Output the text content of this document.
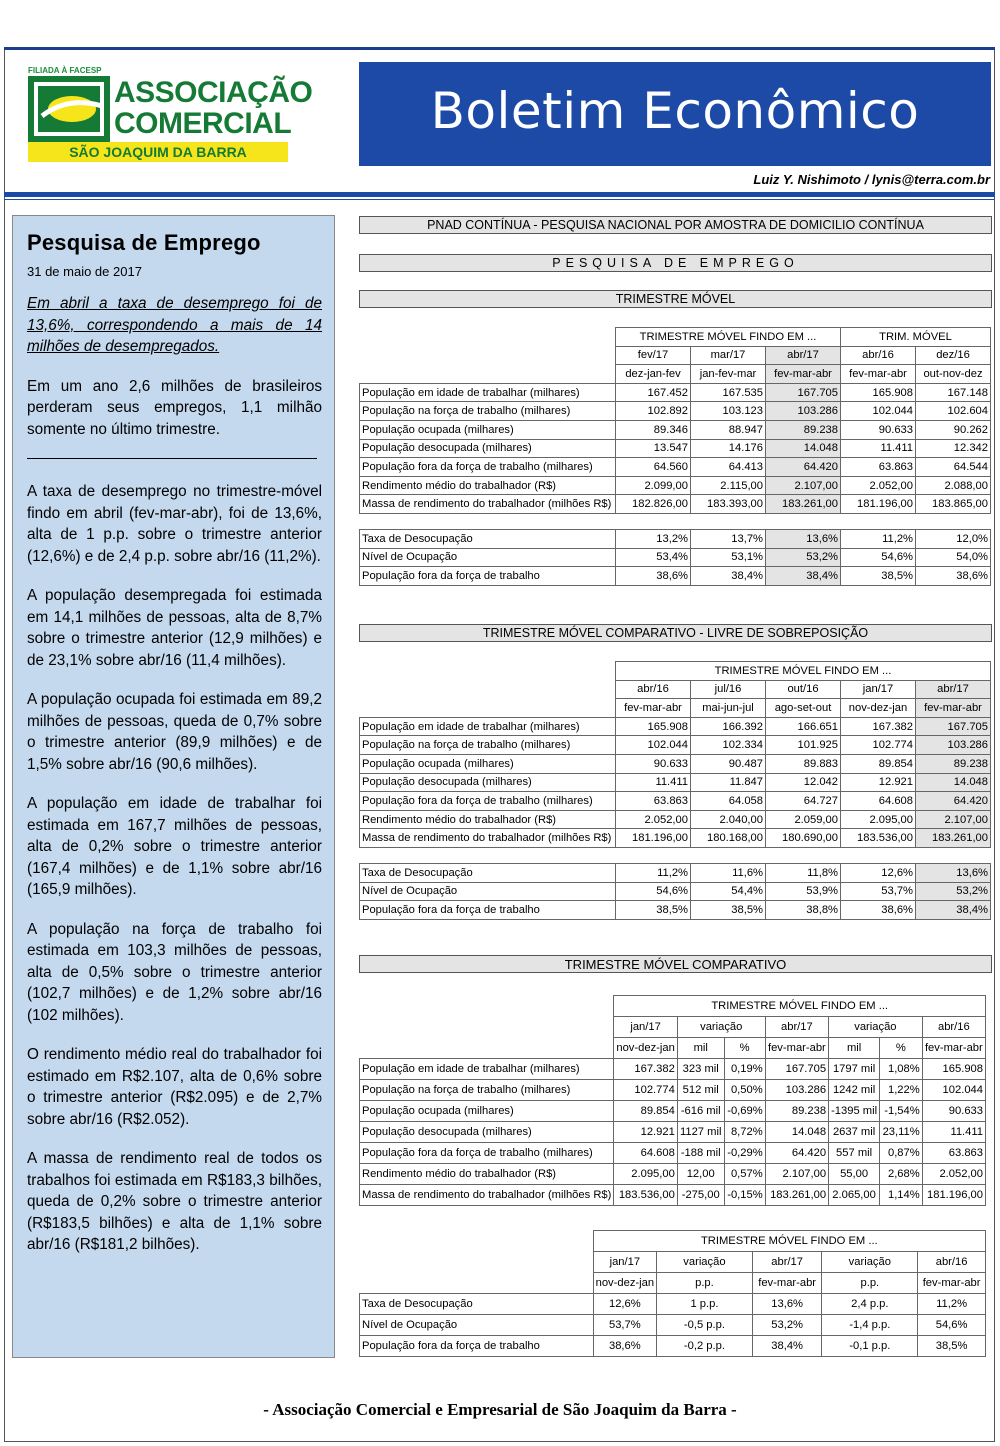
FILIADA À FACESP
ASSOCIAÇÃO
COMERCIAL
SÃO JOAQUIM DA BARRA
Boletim Econômico
Luiz Y. Nishimoto / lynis@terra.com.br
Pesquisa de Emprego
31 de maio de 2017

Em abril a taxa de desemprego foi de 13,6%, correspondendo a mais de 14 milhões de desempregados.

Em um ano 2,6 milhões de brasileiros perderam seus empregos, 1,1 milhão somente no último trimestre.

A taxa de desemprego no trimestre-móvel findo em abril (fev-mar-abr), foi de 13,6%, alta de 1 p.p. sobre o trimestre anterior (12,6%) e de 2,4 p.p. sobre abr/16 (11,2%).

A população desempregada foi estimada em 14,1 milhões de pessoas, alta de 8,7% sobre o trimestre anterior (12,9 milhões) e de 23,1% sobre abr/16 (11,4 milhões).

A população ocupada foi estimada em 89,2 milhões de pessoas, queda de 0,7% sobre o trimestre anterior (89,9 milhões) e de 1,5% sobre abr/16 (90,6 milhões).

A população em idade de trabalhar foi estimada em 167,7 milhões de pessoas, alta de 0,2% sobre o trimestre anterior (167,4 milhões) e de 1,1% sobre abr/16 (165,9 milhões).

A população na força de trabalho foi estimada em 103,3 milhões de pessoas, alta de 0,5% sobre o trimestre anterior (102,7 milhões) e de 1,2% sobre abr/16 (102 milhões).

O rendimento médio real do trabalhador foi estimado em R$2.107, alta de 0,6% sobre o trimestre anterior (R$2.095) e de 2,7% sobre abr/16 (R$2.052).

A massa de rendimento real de todos os trabalhos foi estimada em R$183,3 bilhões, queda de 0,2% sobre o trimestre anterior (R$183,5 bilhões) e alta de 1,1% sobre abr/16 (R$181,2 bilhões).

PNAD CONTÍNUA - PESQUISA NACIONAL POR AMOSTRA DE DOMICILIO CONTÍNUA
PESQUISA DE EMPREGO
TRIMESTRE MÓVEL
TRIMESTRE MÓVEL COMPARATIVO - LIVRE DE SOBREPOSIÇÃO
TRIMESTRE MÓVEL COMPARATIVO
	TRIMESTRE MÓVEL FINDO EM ...			TRIM. MÓVEL	
	fev/17	mar/17	abr/17	abr/16	dez/16
	dez-jan-fev	jan-fev-mar	fev-mar-abr	fev-mar-abr	out-nov-dez
População em idade de trabalhar (milhares)	167.452	167.535	167.705	165.908	167.148
População na força de trabalho (milhares)	102.892	103.123	103.286	102.044	102.604
População ocupada (milhares)	89.346	88.947	89.238	90.633	90.262
População desocupada (milhares)	13.547	14.176	14.048	11.411	12.342
População fora da força de trabalho (milhares)	64.560	64.413	64.420	63.863	64.544
Rendimento médio do trabalhador (R$)	2.099,00	2.115,00	2.107,00	2.052,00	2.088,00
Massa de rendimento do trabalhador (milhões R$)	182.826,00	183.393,00	183.261,00	181.196,00	183.865,00

Taxa de Desocupação	13,2%	13,7%	13,6%	11,2%	12,0%
Nível de Ocupação	53,4%	53,1%	53,2%	54,6%	54,0%
População fora da força de trabalho	38,6%	38,4%	38,4%	38,5%	38,6%
	TRIMESTRE MÓVEL FINDO EM ...				
	abr/16	jul/16	out/16	jan/17	abr/17
	fev-mar-abr	mai-jun-jul	ago-set-out	nov-dez-jan	fev-mar-abr
População em idade de trabalhar (milhares)	165.908	166.392	166.651	167.382	167.705
População na força de trabalho (milhares)	102.044	102.334	101.925	102.774	103.286
População ocupada (milhares)	90.633	90.487	89.883	89.854	89.238
População desocupada (milhares)	11.411	11.847	12.042	12.921	14.048
População fora da força de trabalho (milhares)	63.863	64.058	64.727	64.608	64.420
Rendimento médio do trabalhador (R$)	2.052,00	2.040,00	2.059,00	2.095,00	2.107,00
Massa de rendimento do trabalhador (milhões R$)	181.196,00	180.168,00	180.690,00	183.536,00	183.261,00

Taxa de Desocupação	11,2%	11,6%	11,8%	12,6%	13,6%
Nível de Ocupação	54,6%	54,4%	53,9%	53,7%	53,2%
População fora da força de trabalho	38,5%	38,5%	38,8%	38,6%	38,4%
	TRIMESTRE MÓVEL FINDO EM ...						
	jan/17	variação		abr/17	variação		abr/16
	nov-dez-jan	mil	%	fev-mar-abr	mil	%	fev-mar-abr
População em idade de trabalhar (milhares)	167.382	323 mil	0,19%	167.705	1797 mil	1,08%	165.908
População na força de trabalho (milhares)	102.774	512 mil	0,50%	103.286	1242 mil	1,22%	102.044
População ocupada (milhares)	89.854	-616 mil	-0,69%	89.238	-1395 mil	-1,54%	90.633
População desocupada (milhares)	12.921	1127 mil	8,72%	14.048	2637 mil	23,11%	11.411
População fora da força de trabalho (milhares)	64.608	-188 mil	-0,29%	64.420	557 mil	0,87%	63.863
Rendimento médio do trabalhador (R$)	2.095,00	12,00	0,57%	2.107,00	55,00	2,68%	2.052,00
Massa de rendimento do trabalhador (milhões R$)	183.536,00	-275,00	-0,15%	183.261,00	2.065,00	1,14%	181.196,00
	TRIMESTRE MÓVEL FINDO EM ...				
	jan/17	variação	abr/17	variação	abr/16
	nov-dez-jan	p.p.	fev-mar-abr	p.p.	fev-mar-abr
Taxa de Desocupação	12,6%	1 p.p.	13,6%	2,4 p.p.	11,2%
Nível de Ocupação	53,7%	-0,5 p.p.	53,2%	-1,4 p.p.	54,6%
População fora da força de trabalho	38,6%	-0,2 p.p.	38,4%	-0,1 p.p.	38,5%
- Associação Comercial e Empresarial de São Joaquim da Barra -
